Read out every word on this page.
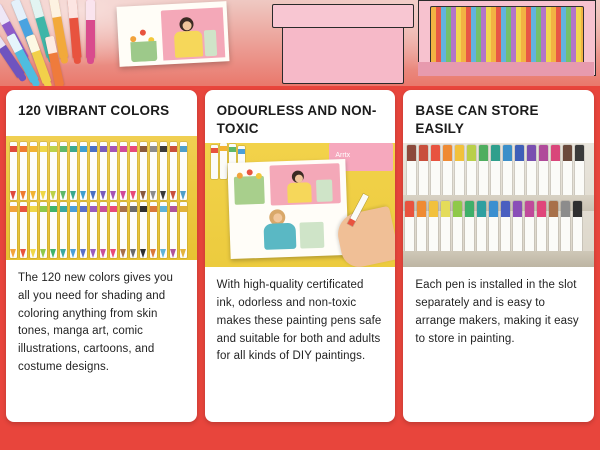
120 VIBRANT COLORS
The 120 new colors gives you all you need for shading and coloring anything from skin tones, manga art, comic illustrations, cartoons, and costume designs.
ODOURLESS AND NON-TOXIC
Arrtx
With high-quality certificated ink, odorless and non-toxic makes these painting pens safe and suitable for both and adults for all kinds of DIY paintings.
BASE CAN STORE EASILY
Each pen is installed in the slot separately and is easy to arrange makers, making it easy to store in painting.
